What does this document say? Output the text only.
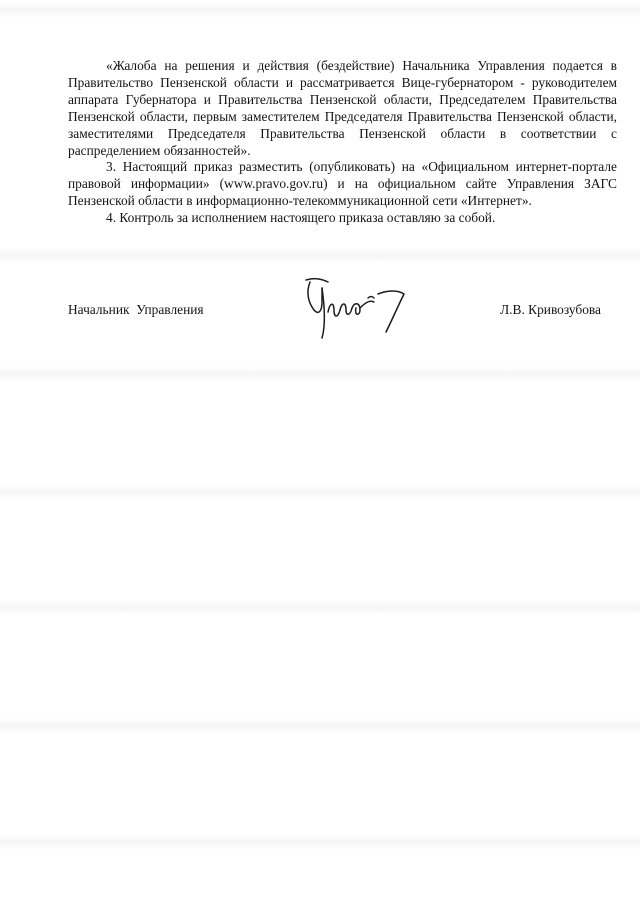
«Жалоба на решения и действия (бездействие) Начальника Управления подается в Правительство Пензенской области и рассматривается Вице-губернатором - руководителем аппарата Губернатора и Правительства Пензенской области, Председателем Правительства Пензенской области, первым заместителем Председателя Правительства Пензенской области, заместителями Председателя Правительства Пензенской области в соответствии с распределением обязанностей».

3. Настоящий приказ разместить (опубликовать) на «Официальном интернет-портале правовой информации» (www.pravo.gov.ru) и на официальном сайте Управления ЗАГС Пензенской области в информационно-телекоммуникационной сети «Интернет».

4. Контроль за исполнением настоящего приказа оставляю за собой.

Начальник  Управления	Л.В. Кривозубова
